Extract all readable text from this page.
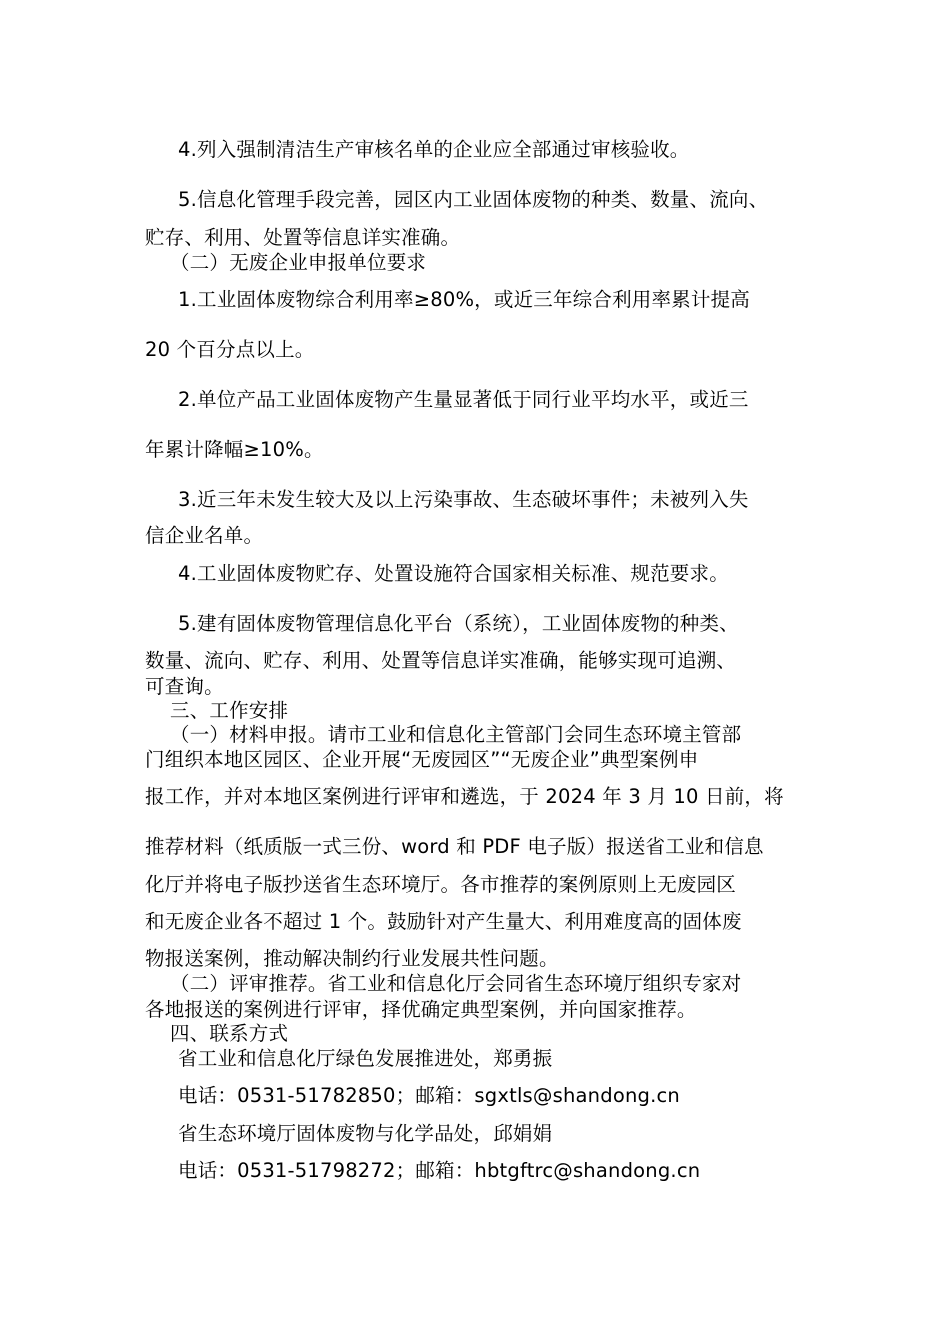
4.列入强制清洁生产审核名单的企业应全部通过审核验收。
5.信息化管理手段完善，园区内工业固体废物的种类、数量、流向、
贮存、利用、处置等信息详实准确。
（二）无废企业申报单位要求
1.工业固体废物综合利用率≥80%，或近三年综合利用率累计提高
20 个百分点以上。
2.单位产品工业固体废物产生量显著低于同行业平均水平，或近三
年累计降幅≥10%。
3.近三年未发生较大及以上污染事故、生态破坏事件；未被列入失
信企业名单。
4.工业固体废物贮存、处置设施符合国家相关标准、规范要求。
5.建有固体废物管理信息化平台（系统），工业固体废物的种类、
数量、流向、贮存、利用、处置等信息详实准确，能够实现可追溯、
可查询。
三、工作安排
（一）材料申报。请市工业和信息化主管部门会同生态环境主管部
门组织本地区园区、企业开展“无废园区”“无废企业”典型案例申
报工作，并对本地区案例进行评审和遴选，于 2024 年 3 月 10 日前，将
推荐材料（纸质版一式三份、word 和 PDF 电子版）报送省工业和信息
化厅并将电子版抄送省生态环境厅。各市推荐的案例原则上无废园区
和无废企业各不超过 1 个。鼓励针对产生量大、利用难度高的固体废
物报送案例，推动解决制约行业发展共性问题。
（二）评审推荐。省工业和信息化厅会同省生态环境厅组织专家对
各地报送的案例进行评审，择优确定典型案例，并向国家推荐。
四、联系方式
省工业和信息化厅绿色发展推进处，郑勇振
电话：0531-51782850；邮箱：sgxtls@shandong.cn
省生态环境厅固体废物与化学品处，邱娟娟
电话：0531-51798272；邮箱：hbtgftrc@shandong.cn
